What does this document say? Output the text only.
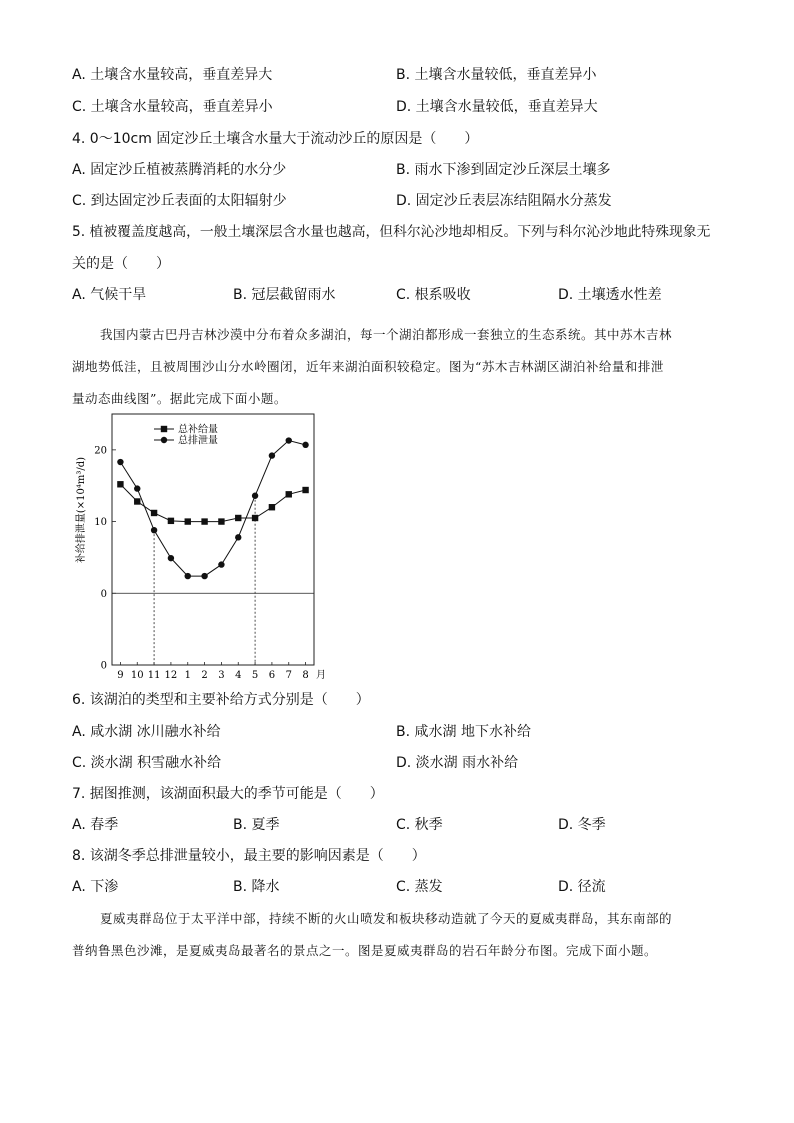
A. 土壤含水量较高，垂直差异大	B. 土壤含水量较低，垂直差异小
C. 土壤含水量较高，垂直差异小	D. 土壤含水量较低，垂直差异大
4. 0～10cm 固定沙丘土壤含水量大于流动沙丘的原因是（　　）
A. 固定沙丘植被蒸腾消耗的水分少	B. 雨水下渗到固定沙丘深层土壤多
C. 到达固定沙丘表面的太阳辐射少	D. 固定沙丘表层冻结阻隔水分蒸发
5. 植被覆盖度越高，一般土壤深层含水量也越高，但科尔沁沙地却相反。下列与科尔沁沙地此特殊现象无
关的是（　　）
A. 气候干旱	B. 冠层截留雨水	C. 根系吸收	D. 土壤透水性差
我国内蒙古巴丹吉林沙漠中分布着众多湖泊，每一个湖泊都形成一套独立的生态系统。其中苏木吉林
湖地势低洼，且被周围沙山分水岭圈闭，近年来湖泊面积较稳定。图为“苏木吉林湖区湖泊补给量和排泄
量动态曲线图”。据此完成下面小题。
补给排泄量(×10⁴m³/d)
0
10
20
0
9 10 11 12 1 2 3 4 5 6 7 8 月
总补给量
总排泄量
6. 该湖泊的类型和主要补给方式分别是（　　）
A. 咸水湖 冰川融水补给	B. 咸水湖 地下水补给
C. 淡水湖 积雪融水补给	D. 淡水湖 雨水补给
7. 据图推测，该湖面积最大的季节可能是（　　）
A. 春季	B. 夏季	C. 秋季	D. 冬季
8. 该湖冬季总排泄量较小，最主要的影响因素是（　　）
A. 下渗	B. 降水	C. 蒸发	D. 径流
夏威夷群岛位于太平洋中部，持续不断的火山喷发和板块移动造就了今天的夏威夷群岛，其东南部的
普纳鲁黑色沙滩，是夏威夷岛最著名的景点之一。图是夏威夷群岛的岩石年龄分布图。完成下面小题。
